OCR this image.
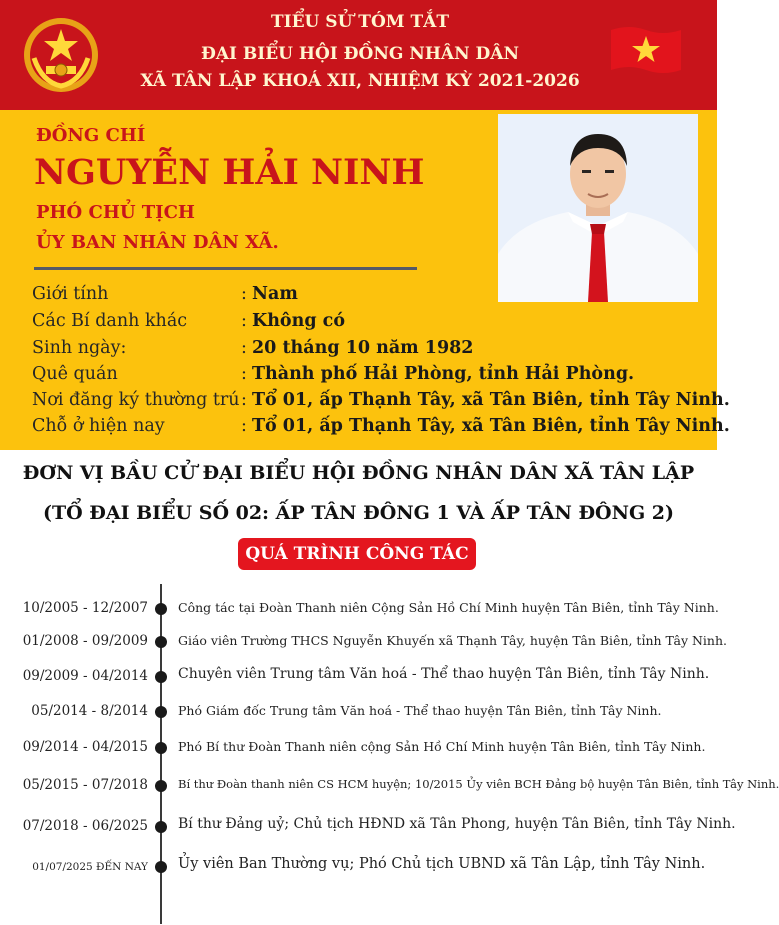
TIỂU SỬ TÓM TẮT
ĐẠI BIỂU HỘI ĐỒNG NHÂN DÂN
XÃ TÂN LẬP KHOÁ XII, NHIỆM KỲ 2021-2026
ĐỒNG CHÍ
NGUYỄN HẢI NINH
PHÓ CHỦ TỊCH
ỦY BAN NHÂN DÂN XÃ.
Giới tính	: Nam
Các Bí danh khác	: Không có
Sinh ngày:	: 20 tháng 10 năm 1982
Quê quán	: Thành phố Hải Phòng, tỉnh Hải Phòng.
Nơi đăng ký thường trú : Tổ 01, ấp Thạnh Tây, xã Tân Biên, tỉnh Tây Ninh.
Chỗ ở hiện nay	: Tổ 01, ấp Thạnh Tây, xã Tân Biên, tỉnh Tây Ninh.
ĐƠN VỊ BẦU CỬ ĐẠI BIỂU HỘI ĐỒNG NHÂN DÂN XÃ TÂN LẬP
(TỔ ĐẠI BIỂU SỐ 02: ẤP TÂN ĐÔNG 1 VÀ ẤP TÂN ĐÔNG 2)
QUÁ TRÌNH CÔNG TÁC
10/2005 - 12/2007 Công tác tại Đoàn Thanh niên Cộng Sản Hồ Chí Minh huyện Tân Biên, tỉnh Tây Ninh.
01/2008 - 09/2009 Giáo viên Trường THCS Nguyễn Khuyến xã Thạnh Tây, huyện Tân Biên, tỉnh Tây Ninh.
09/2009 - 04/2014 Chuyên viên Trung tâm Văn hoá - Thể thao huyện Tân Biên, tỉnh Tây Ninh.
05/2014 - 8/2014 Phó Giám đốc Trung tâm Văn hoá - Thể thao huyện Tân Biên, tỉnh Tây Ninh.
09/2014 - 04/2015 Phó Bí thư Đoàn Thanh niên cộng Sản Hồ Chí Minh huyện Tân Biên, tỉnh Tây Ninh.
05/2015 - 07/2018	Bí thư Đoàn thanh niên CS HCM huyện; 10/2015 Ủy viên BCH Đảng bộ huyện Tân Biên, tỉnh Tây Ninh.
07/2018 - 06/2025 Bí thư Đảng uỷ; Chủ tịch HĐND xã Tân Phong, huyện Tân Biên, tỉnh Tây Ninh.
01/07/2025 ĐẾN NAY Ủy viên Ban Thường vụ; Phó Chủ tịch UBND xã Tân Lập, tỉnh Tây Ninh.
